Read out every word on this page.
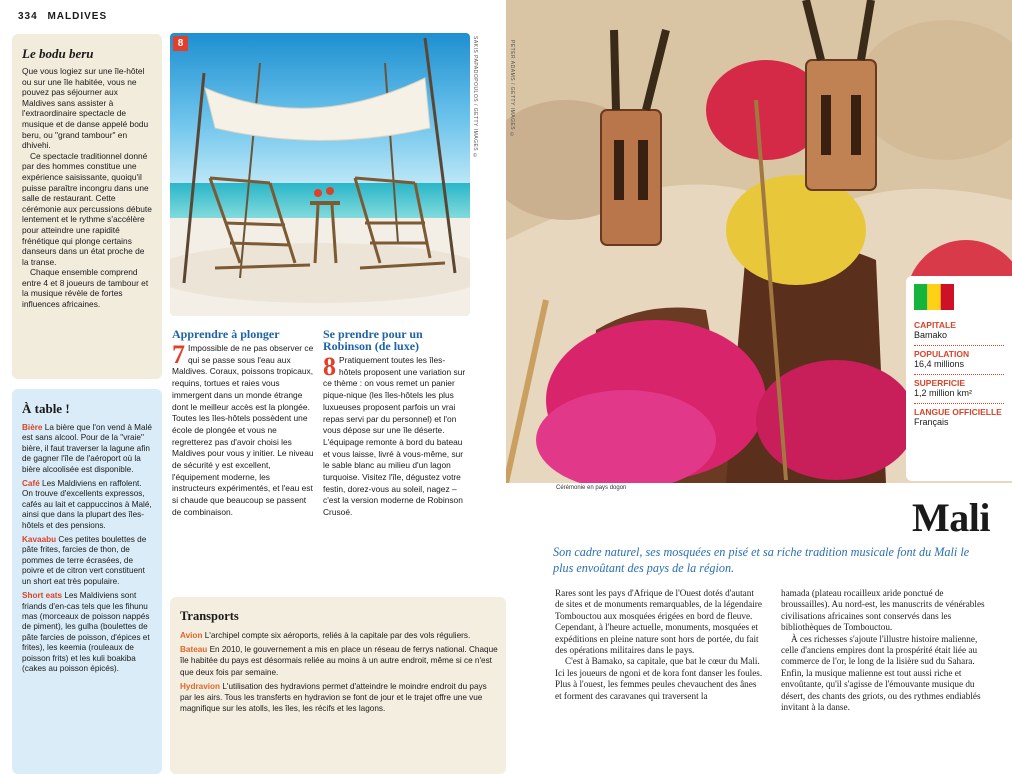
334 MALDIVES
Le bodu beru

Que vous logiez sur une île-hôtel ou sur une île habitée, vous ne pouvez pas séjourner aux Maldives sans assister à l'extraordinaire spectacle de musique et de danse appelé bodu beru, ou "grand tambour" en dhivehi.

Ce spectacle traditionnel donné par des hommes constitue une expérience saisissante, quoiqu'il puisse paraître incongru dans une salle de restaurant. Cette cérémonie aux percussions débute lentement et le rythme s'accélère pour atteindre une rapidité frénétique qui plonge certains danseurs dans un état proche de la transe.

Chaque ensemble comprend entre 4 et 8 joueurs de tambour et la musique révèle de fortes influences africaines.

À table !

Bière La bière que l'on vend à Malé est sans alcool. Pour de la "vraie" bière, il faut traverser la lagune afin de gagner l'île de l'aéroport où la bière alcoolisée est disponible.

Café Les Maldiviens en raffolent. On trouve d'excellents expressos, cafés au lait et cappuccinos à Malé, ainsi que dans la plupart des îles-hôtels et des pensions.

Kavaabu Ces petites boulettes de pâte frites, farcies de thon, de pommes de terre écrasées, de poivre et de citron vert constituent un short eat très populaire.

Short eats Les Maldiviens sont friands d'en-cas tels que les fihunu mas (morceaux de poisson nappés de piment), les gulha (boulettes de pâte farcies de poisson, d'épices et frites), les keemia (rouleaux de poisson frits) et les kuli boakiba (cakes au poisson épicés).

8	SAKIS PAPADOPOULOS / GETTY IMAGES ©
Apprendre à plonger

7 Impossible de ne pas observer ce qui se passe sous l'eau aux Maldives. Coraux, poissons tropicaux, requins, tortues et raies vous immergent dans un monde étrange dont le meilleur accès est la plongée. Toutes les îles-hôtels possèdent une école de plongée et vous ne regretterez pas d'avoir choisi les Maldives pour vous y initier. Le niveau de sécurité y est excellent, l'équipement moderne, les instructeurs expérimentés, et l'eau est si chaude que beaucoup se passent de combinaison.

Se prendre pour un Robinson (de luxe)

8 Pratiquement toutes les îles-hôtels proposent une variation sur ce thème : on vous remet un panier pique-nique (les îles-hôtels les plus luxueuses proposent parfois un vrai repas servi par du personnel) et l'on vous dépose sur une île déserte. L'équipage remonte à bord du bateau et vous laisse, livré à vous-même, sur le sable blanc au milieu d'un lagon turquoise. Visitez l'île, dégustez votre festin, dorez-vous au soleil, nagez – c'est la version moderne de Robinson Crusoé.

Transports

Avion L'archipel compte six aéroports, reliés à la capitale par des vols réguliers.

Bateau En 2010, le gouvernement a mis en place un réseau de ferrys national. Chaque île habitée du pays est désormais reliée au moins à un autre endroit, même si ce n'est que deux fois par semaine.

Hydravion L'utilisation des hydravions permet d'atteindre le moindre endroit du pays par les airs. Tous les transferts en hydravion se font de jour et le trajet offre une vue magnifique sur les atolls, les îles, les récifs et les lagons.

PETER ADAMS / GETTY IMAGES ©
Cérémonie en pays dogon
CAPITALE
Bamako
POPULATION
16,4 millions
SUPERFICIE
1,2 million km²
LANGUE OFFICIELLE
Français
Mali
Son cadre naturel, ses mosquées en pisé et sa riche tradition musicale font du Mali le plus envoûtant des pays de la région.

Rares sont les pays d'Afrique de l'Ouest dotés d'autant de sites et de monuments remarquables, de la légendaire Tombouctou aux mosquées érigées en bord de fleuve. Cependant, à l'heure actuelle, monuments, mosquées et expéditions en pleine nature sont hors de portée, du fait des opérations militaires dans le pays.

C'est à Bamako, sa capitale, que bat le cœur du Mali. Ici les joueurs de ngoni et de kora font danser les foules. Plus à l'ouest, les femmes peules chevauchent des ânes et forment des caravanes qui traversent la

hamada (plateau rocailleux aride ponctué de broussailles). Au nord-est, les manuscrits de vénérables civilisations africaines sont conservés dans les bibliothèques de Tombouctou.

À ces richesses s'ajoute l'illustre histoire malienne, celle d'anciens empires dont la prospérité était liée au commerce de l'or, le long de la lisière sud du Sahara. Enfin, la musique malienne est tout aussi riche et envoûtante, qu'il s'agisse de l'émouvante musique du désert, des chants des griots, ou des rythmes endiablés invitant à la danse.
